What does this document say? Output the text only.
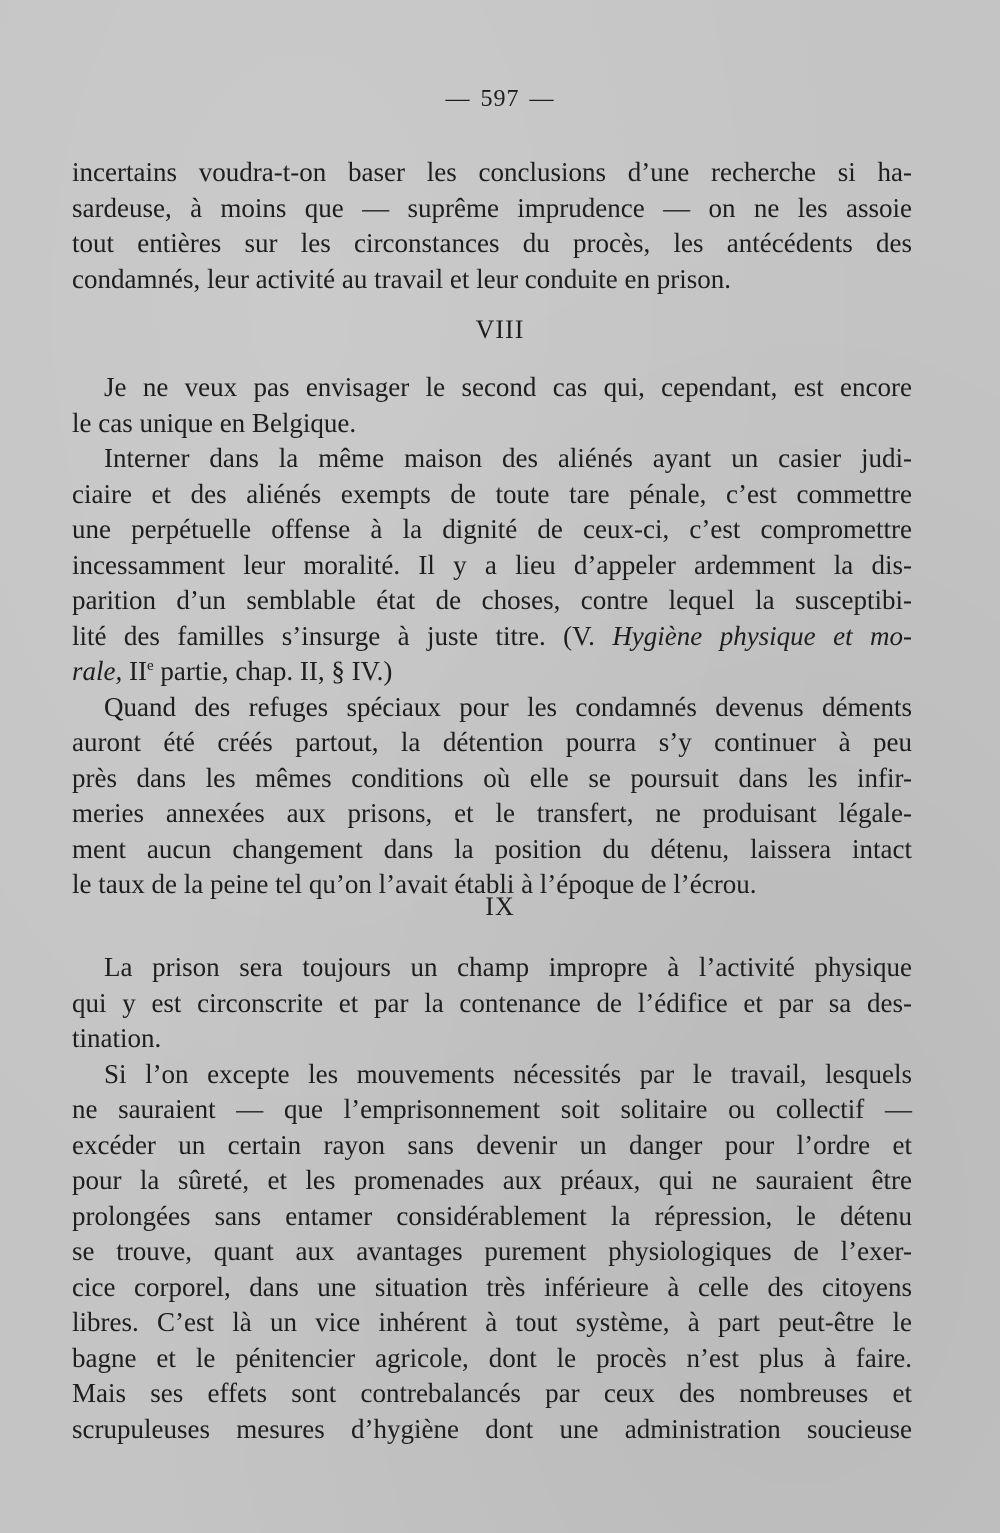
— 597 —
incertains voudra-t-on baser les conclusions d’une recherche si ha-
sardeuse, à moins que — suprême imprudence — on ne les assoie
tout entières sur les circonstances du procès, les antécédents des
condamnés, leur activité au travail et leur conduite en prison.
VIII
Je ne veux pas envisager le second cas qui, cependant, est encore
le cas unique en Belgique.
Interner dans la même maison des aliénés ayant un casier judi-
ciaire et des aliénés exempts de toute tare pénale, c’est commettre
une perpétuelle offense à la dignité de ceux-ci, c’est compromettre
incessamment leur moralité. Il y a lieu d’appeler ardemment la dis-
parition d’un semblable état de choses, contre lequel la susceptibi-
lité des familles s’insurge à juste titre. (V. Hygiène physique et mo-
rale, IIe partie, chap. II, § IV.)
Quand des refuges spéciaux pour les condamnés devenus déments
auront été créés partout, la détention pourra s’y continuer à peu
près dans les mêmes conditions où elle se poursuit dans les infir-
meries annexées aux prisons, et le transfert, ne produisant légale-
ment aucun changement dans la position du détenu, laissera intact
le taux de la peine tel qu’on l’avait établi à l’époque de l’écrou.
IX
La prison sera toujours un champ impropre à l’activité physique
qui y est circonscrite et par la contenance de l’édifice et par sa des-
tination.
Si l’on excepte les mouvements nécessités par le travail, lesquels
ne sauraient — que l’emprisonnement soit solitaire ou collectif —
excéder un certain rayon sans devenir un danger pour l’ordre et
pour la sûreté, et les promenades aux préaux, qui ne sauraient être
prolongées sans entamer considérablement la répression, le détenu
se trouve, quant aux avantages purement physiologiques de l’exer-
cice corporel, dans une situation très inférieure à celle des citoyens
libres. C’est là un vice inhérent à tout système, à part peut-être le
bagne et le pénitencier agricole, dont le procès n’est plus à faire.
Mais ses effets sont contrebalancés par ceux des nombreuses et
scrupuleuses mesures d’hygiène dont une administration soucieuse
